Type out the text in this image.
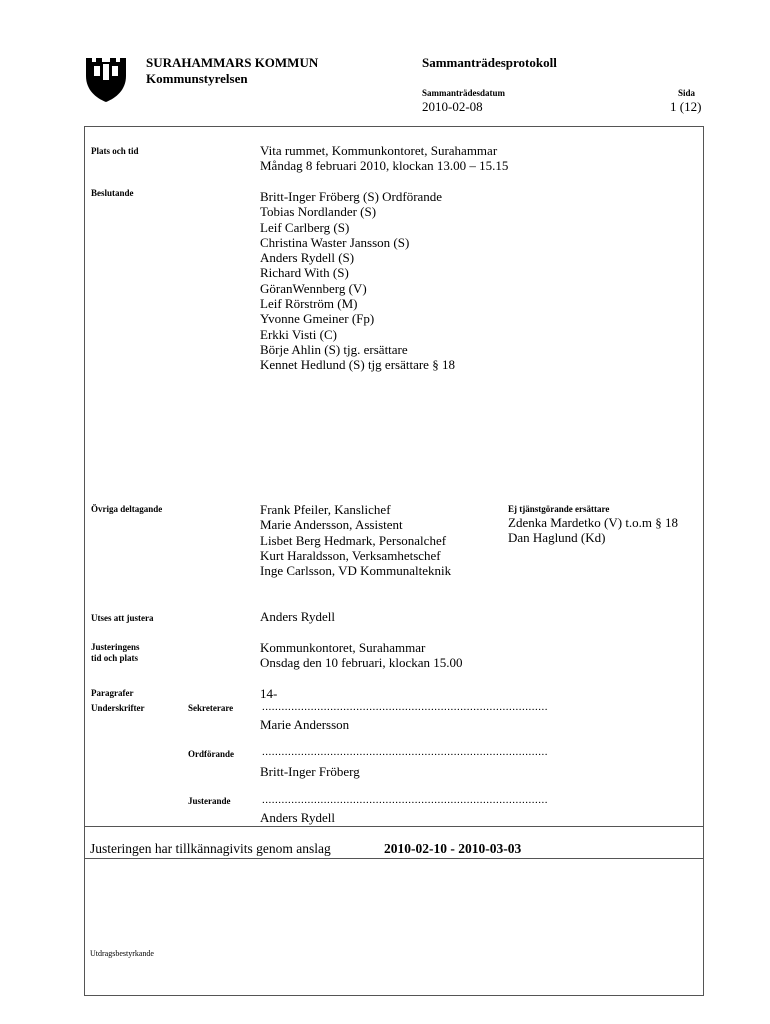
SURAHAMMARS KOMMUN
Kommunstyrelsen
Sammanträdesprotokoll
Sammanträdesdatum
2010-02-08
Sida
1 (12)
Plats och tid	Vita rummet, Kommunkontoret, Surahammar
Måndag 8 februari 2010, klockan 13.00 – 15.15
Beslutande	Britt-Inger Fröberg (S) Ordförande
Tobias Nordlander (S)
Leif Carlberg (S)
Christina Waster Jansson (S)
Anders Rydell (S)
Richard With (S)
GöranWennberg (V)
Leif Rörström (M)
Yvonne Gmeiner (Fp)
Erkki Visti (C)
Börje Ahlin (S) tjg. ersättare
Kennet Hedlund (S) tjg ersättare § 18
Övriga deltagande	Frank Pfeiler, Kanslichef
Marie Andersson, Assistent
Lisbet Berg Hedmark, Personalchef
Kurt Haraldsson, Verksamhetschef
Inge Carlsson, VD Kommunalteknik
Ej tjänstgörande ersättare
Zdenka Mardetko (V) t.o.m § 18
Dan Haglund (Kd)
Utses att justera	Anders Rydell
Justeringens
tid och plats
Kommunkontoret, Surahammar
Onsdag den 10 februari, klockan 15.00
Paragrafer	14-
Underskrifter	Sekreterare	........................................................................................
Marie Andersson
Ordförande	........................................................................................
Britt-Inger Fröberg
Justerande	........................................................................................
Anders Rydell
Justeringen har tillkännagivits genom anslag	2010-02-10 - 2010-03-03
Utdragsbestyrkande
